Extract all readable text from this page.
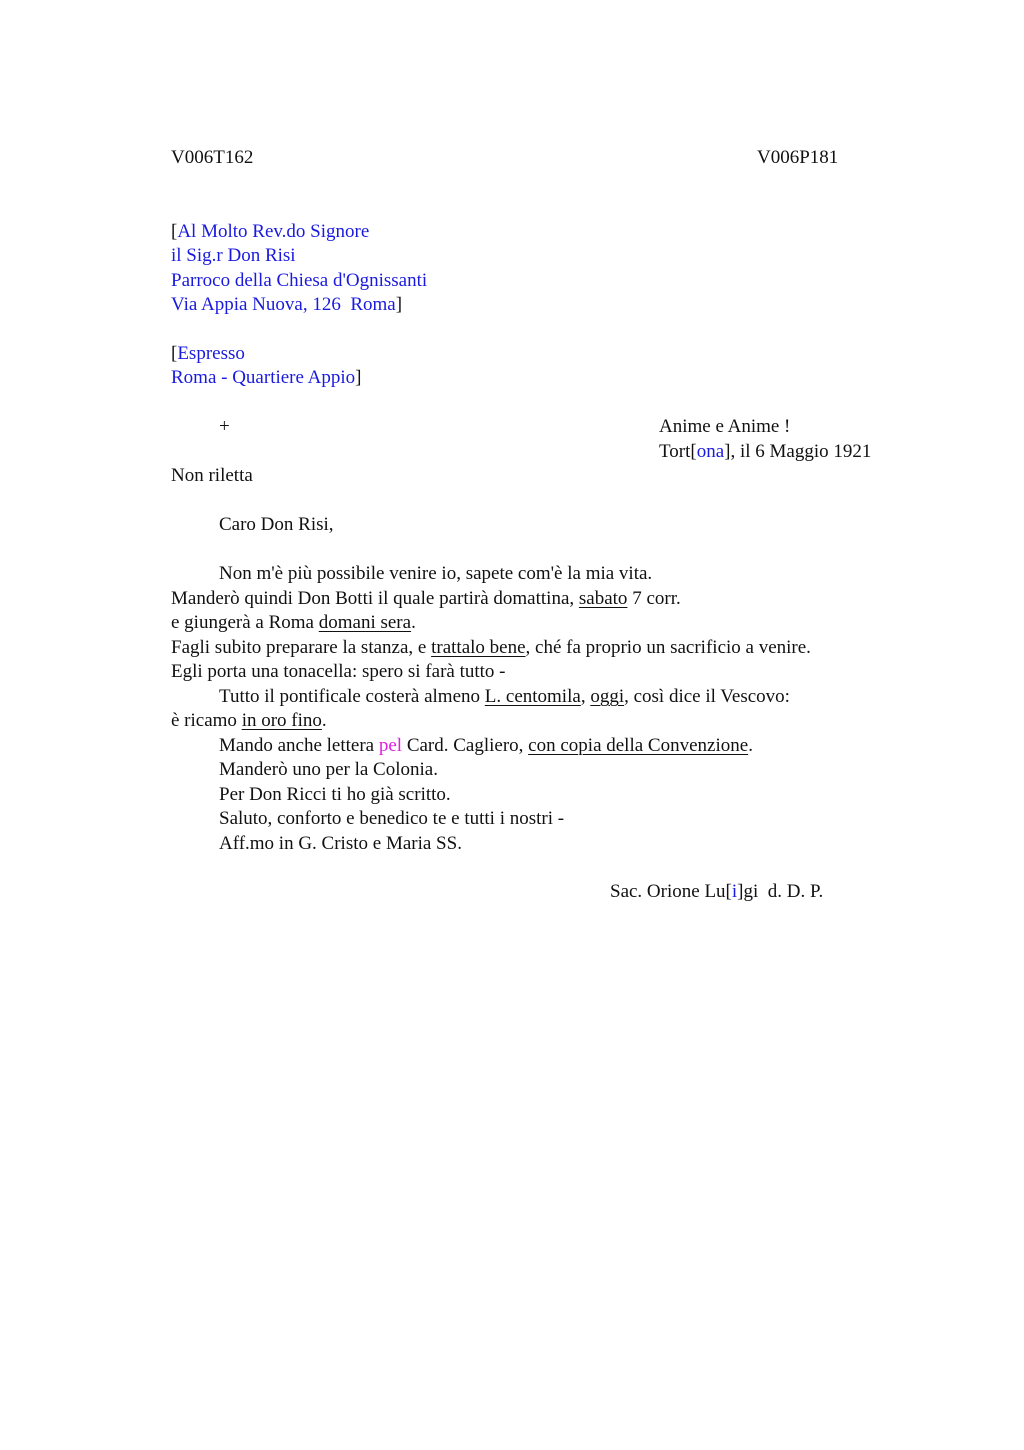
V006T162	V006P181
[Al Molto Rev.do Signore
il Sig.r Don Risi
Parroco della Chiesa d'Ognissanti
Via Appia Nuova, 126  Roma]
[Espresso
Roma - Quartiere Appio]
+	Anime e Anime !
Tort[ona], il 6 Maggio 1921
Non riletta
Caro Don Risi,
Non m'è più possibile venire io, sapete com'è la mia vita.
Manderò quindi Don Botti il quale partirà domattina, sabato 7 corr.
e giungerà a Roma domani sera.
Fagli subito preparare la stanza, e trattalo bene, ché fa proprio un sacrificio a venire.
Egli porta una tonacella: spero si farà tutto -
Tutto il pontificale costerà almeno L. centomila, oggi, così dice il Vescovo:
è ricamo in oro fino.
Mando anche lettera pel Card. Cagliero, con copia della Convenzione.
Manderò uno per la Colonia.
Per Don Ricci ti ho già scritto.
Saluto, conforto e benedico te e tutti i nostri -
Aff.mo in G. Cristo e Maria SS.
Sac. Orione Lu[i]gi  d. D. P.
